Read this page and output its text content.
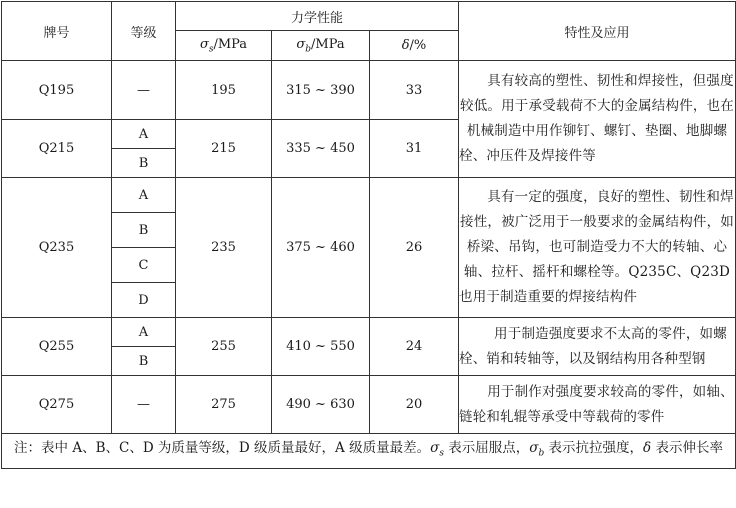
牌号	等级	力学性能			特性及应用
		$\sigma_s$/MPa	$\sigma_b$/MPa	δ/%	
Q195	—	195	315 ~ 390	33	具有较高的塑性、韧性和焊接性，但强度较低。用于承受载荷不大的金属结构件，也在机械制造中用作铆钉、螺钉、垫圈、地脚螺栓、冲压件及焊接件等
Q215	A	215	335 ~ 450	31	
	B				
Q235	A	235	375 ~ 460	26	具有一定的强度，良好的塑性、韧性和焊接性，被广泛用于一般要求的金属结构件，如桥梁、吊钩，也可制造受力不大的转轴、心轴、拉杆、摇杆和螺栓等。Q235C、Q23D 也用于制造重要的焊接结构件
	B				
	C				
	D				
Q255	A	255	410 ~ 550	24	用于制造强度要求不太高的零件，如螺栓、销和转轴等，以及钢结构用各种型钢
	B				
Q275	—	275	490 ~ 630	20	用于制作对强度要求较高的零件，如轴、链轮和轧辊等承受中等载荷的零件
注：表中 A、B、C、D 为质量等级，D 级质量最好，A 级质量最差。$\sigma_s$ 表示屈服点，$\sigma_b$ 表示抗拉强度，δ 表示伸长率					
